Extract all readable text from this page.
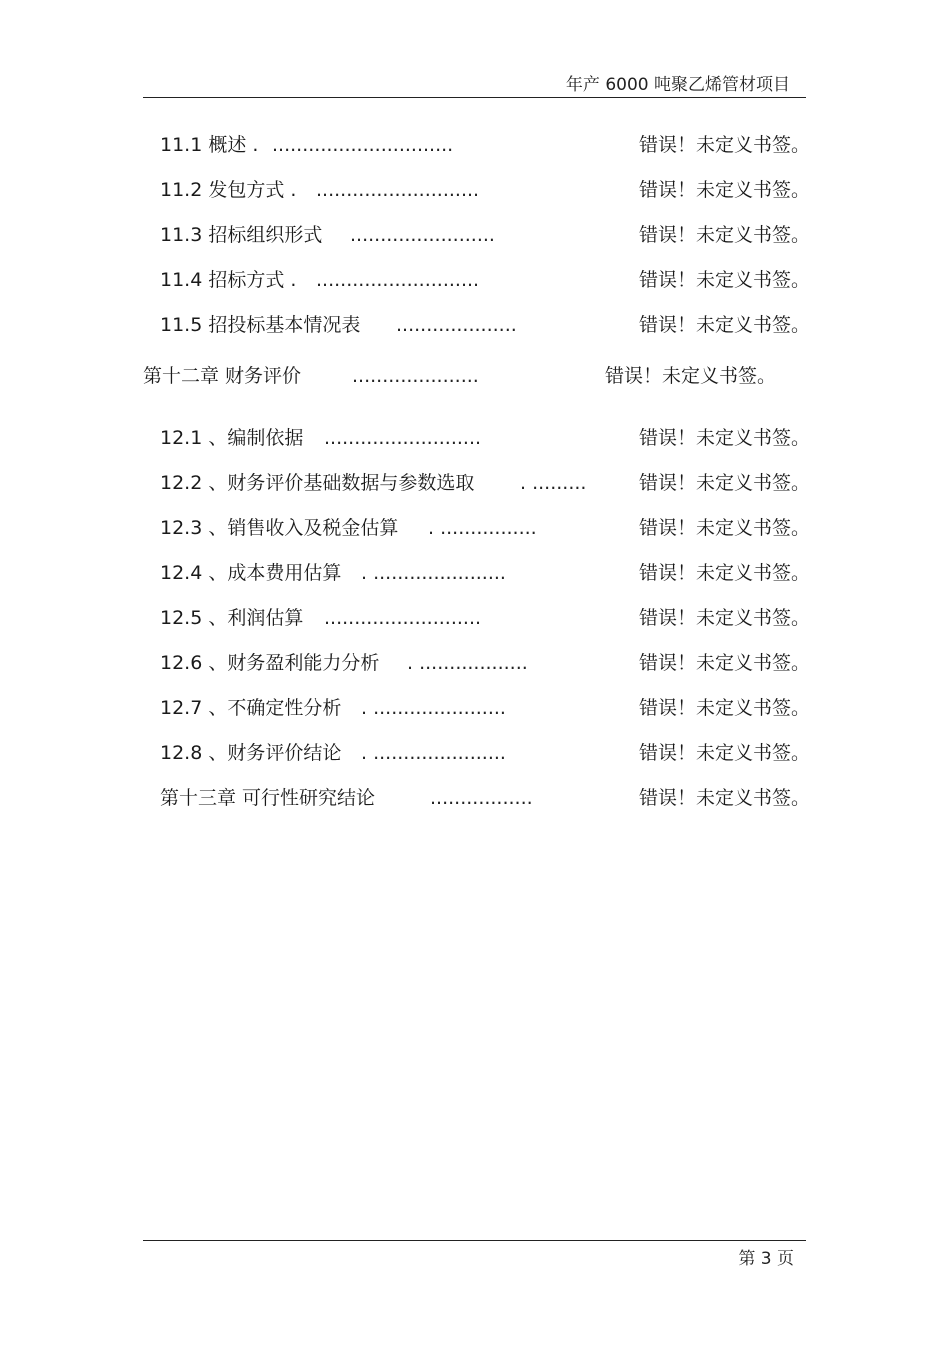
年产 6000 吨聚乙烯管材项目
11.1 概述 . ..............................	错误！未定义书签。
11.2 发包方式 . ...........................	错误！未定义书签。
11.3 招标组织形式 ........................	错误！未定义书签。
11.4 招标方式 . ...........................	错误！未定义书签。
11.5 招投标基本情况表 ....................	错误！未定义书签。
第十二章 财务评价	.....................	错误！未定义书签。
12.1 、编制依据 ..........................	错误！未定义书签。
12.2 、财务评价基础数据与参数选取 . .........	错误！未定义书签。
12.3 、销售收入及税金估算 . ................	错误！未定义书签。
12.4 、成本费用估算 . ......................	错误！未定义书签。
12.5 、利润估算 ..........................	错误！未定义书签。
12.6 、财务盈利能力分析 . ..................	错误！未定义书签。
12.7 、不确定性分析 . ......................	错误！未定义书签。
12.8 、财务评价结论 . ......................	错误！未定义书签。
第十三章 可行性研究结论	.................	错误！未定义书签。
第 3 页
